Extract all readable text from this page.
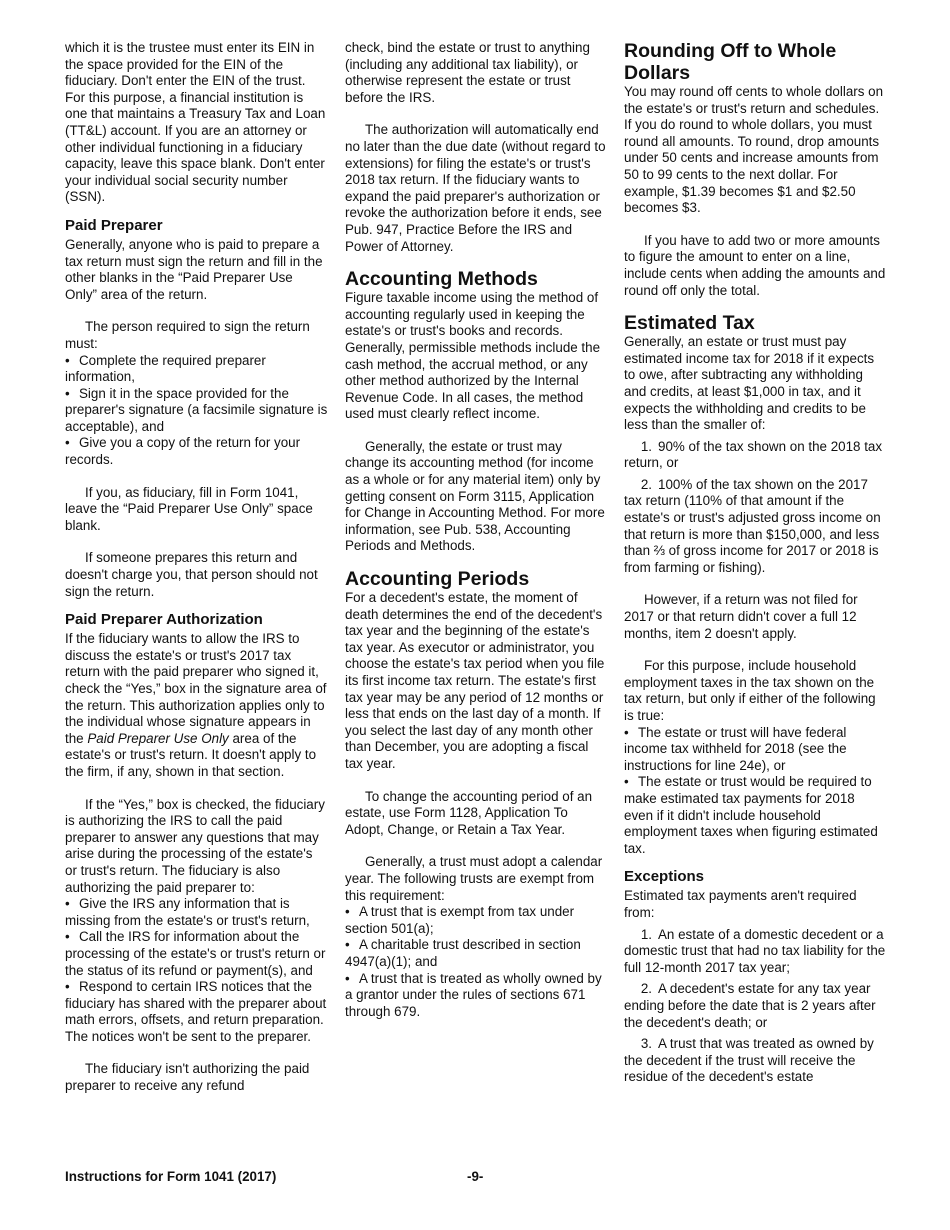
which it is the trustee must enter its EIN in the space provided for the EIN of the fiduciary. Don't enter the EIN of the trust. For this purpose, a financial institution is one that maintains a Treasury Tax and Loan (TT&L) account. If you are an attorney or other individual functioning in a fiduciary capacity, leave this space blank. Don't enter your individual social security number (SSN).

Paid Preparer

Generally, anyone who is paid to prepare a tax return must sign the return and fill in the other blanks in the “Paid Preparer Use Only” area of the return.

The person required to sign the return must:

• Complete the required preparer information,
• Sign it in the space provided for the preparer's signature (a facsimile signature is acceptable), and
• Give you a copy of the return for your records.

If you, as fiduciary, fill in Form 1041, leave the “Paid Preparer Use Only” space blank.

If someone prepares this return and doesn't charge you, that person should not sign the return.

Paid Preparer Authorization

If the fiduciary wants to allow the IRS to discuss the estate's or trust's 2017 tax return with the paid preparer who signed it, check the “Yes,” box in the signature area of the return. This authorization applies only to the individual whose signature appears in the Paid Preparer Use Only area of the estate's or trust's return. It doesn't apply to the firm, if any, shown in that section.

If the “Yes,” box is checked, the fiduciary is authorizing the IRS to call the paid preparer to answer any questions that may arise during the processing of the estate's or trust's return. The fiduciary is also authorizing the paid preparer to:

• Give the IRS any information that is missing from the estate's or trust's return,
• Call the IRS for information about the processing of the estate's or trust's return or the status of its refund or payment(s), and
• Respond to certain IRS notices that the fiduciary has shared with the preparer about math errors, offsets, and return preparation. The notices won't be sent to the preparer.

The fiduciary isn't authorizing the paid preparer to receive any refund

check, bind the estate or trust to anything (including any additional tax liability), or otherwise represent the estate or trust before the IRS.

The authorization will automatically end no later than the due date (without regard to extensions) for filing the estate's or trust's 2018 tax return. If the fiduciary wants to expand the paid preparer's authorization or revoke the authorization before it ends, see Pub. 947, Practice Before the IRS and Power of Attorney.

Accounting Methods

Figure taxable income using the method of accounting regularly used in keeping the estate's or trust's books and records. Generally, permissible methods include the cash method, the accrual method, or any other method authorized by the Internal Revenue Code. In all cases, the method used must clearly reflect income.

Generally, the estate or trust may change its accounting method (for income as a whole or for any material item) only by getting consent on Form 3115, Application for Change in Accounting Method. For more information, see Pub. 538, Accounting Periods and Methods.

Accounting Periods

For a decedent's estate, the moment of death determines the end of the decedent's tax year and the beginning of the estate's tax year. As executor or administrator, you choose the estate's tax period when you file its first income tax return. The estate's first tax year may be any period of 12 months or less that ends on the last day of a month. If you select the last day of any month other than December, you are adopting a fiscal tax year.

To change the accounting period of an estate, use Form 1128, Application To Adopt, Change, or Retain a Tax Year.

Generally, a trust must adopt a calendar year. The following trusts are exempt from this requirement:

• A trust that is exempt from tax under section 501(a);
• A charitable trust described in section 4947(a)(1); and
• A trust that is treated as wholly owned by a grantor under the rules of sections 671 through 679.
Rounding Off to Whole Dollars

You may round off cents to whole dollars on the estate's or trust's return and schedules. If you do round to whole dollars, you must round all amounts. To round, drop amounts under 50 cents and increase amounts from 50 to 99 cents to the next dollar. For example, $1.39 becomes $1 and $2.50 becomes $3.

If you have to add two or more amounts to figure the amount to enter on a line, include cents when adding the amounts and round off only the total.

Estimated Tax

Generally, an estate or trust must pay estimated income tax for 2018 if it expects to owe, after subtracting any withholding and credits, at least $1,000 in tax, and it expects the withholding and credits to be less than the smaller of:

1. 90% of the tax shown on the 2018 tax return, or
2. 100% of the tax shown on the 2017 tax return (110% of that amount if the estate's or trust's adjusted gross income on that return is more than $150,000, and less than ⅔ of gross income for 2017 or 2018 is from farming or fishing).

However, if a return was not filed for 2017 or that return didn't cover a full 12 months, item 2 doesn't apply.

For this purpose, include household employment taxes in the tax shown on the tax return, but only if either of the following is true:

• The estate or trust will have federal income tax withheld for 2018 (see the instructions for line 24e), or
• The estate or trust would be required to make estimated tax payments for 2018 even if it didn't include household employment taxes when figuring estimated tax.
Exceptions

Estimated tax payments aren't required from:

1. An estate of a domestic decedent or a domestic trust that had no tax liability for the full 12-month 2017 tax year;
2. A decedent's estate for any tax year ending before the date that is 2 years after the decedent's death; or
3. A trust that was treated as owned by the decedent if the trust will receive the residue of the decedent's estate
Instructions for Form 1041 (2017)	-9-
